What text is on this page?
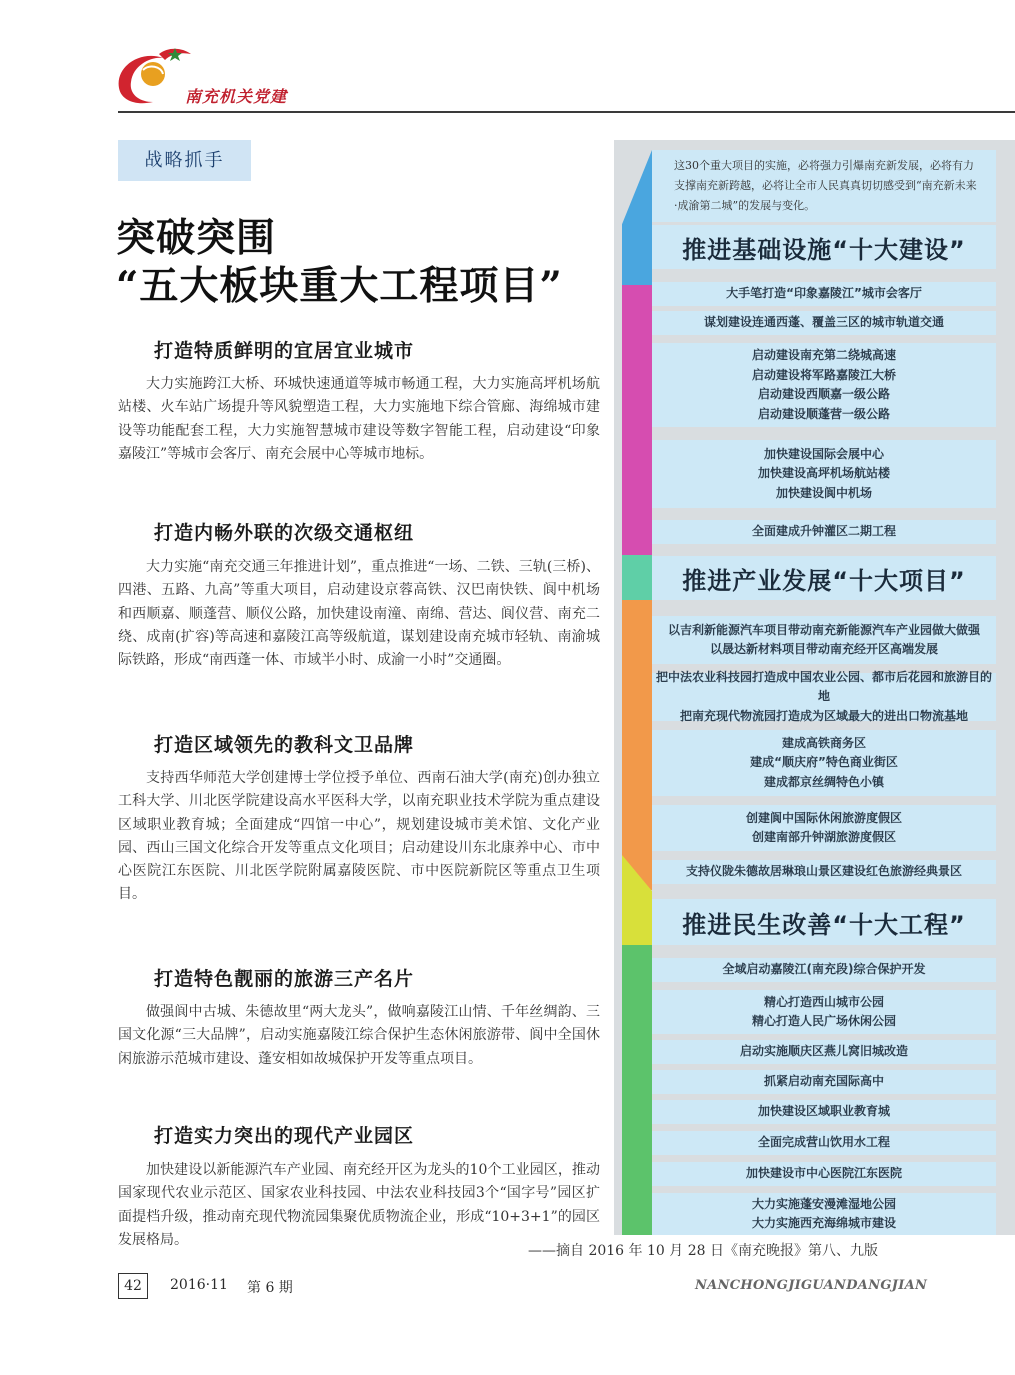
南充机关党建
战略抓手
突破突围
“五大板块重大工程项目”
打造特质鲜明的宜居宜业城市

大力实施跨江大桥、环城快速通道等城市畅通工程，大力实施高坪机场航站楼、火车站广场提升等风貌塑造工程，大力实施地下综合管廊、海绵城市建设等功能配套工程，大力实施智慧城市建设等数字智能工程，启动建设“印象嘉陵江”等城市会客厅、南充会展中心等城市地标。

打造内畅外联的次级交通枢纽

大力实施“南充交通三年推进计划”，重点推进“一场、二铁、三轨(三桥)、四港、五路、九高”等重大项目，启动建设京蓉高铁、汉巴南快铁、阆中机场和西顺嘉、顺蓬营、顺仪公路，加快建设南潼、南绵、营达、阆仪营、南充二绕、成南(扩容)等高速和嘉陵江高等级航道，谋划建设南充城市轻轨、南渝城际铁路，形成“南西蓬一体、市域半小时、成渝一小时”交通圈。

打造区域领先的教科文卫品牌

支持西华师范大学创建博士学位授予单位、西南石油大学(南充)创办独立工科大学、川北医学院建设高水平医科大学，以南充职业技术学院为重点建设区域职业教育城；全面建成“四馆一中心”，规划建设城市美术馆、文化产业园、西山三国文化综合开发等重点文化项目；启动建设川东北康养中心、市中心医院江东医院、川北医学院附属嘉陵医院、市中医院新院区等重点卫生项目。

打造特色靓丽的旅游三产名片

做强阆中古城、朱德故里“两大龙头”，做响嘉陵江山情、千年丝绸韵、三国文化源“三大品牌”，启动实施嘉陵江综合保护生态休闲旅游带、阆中全国休闲旅游示范城市建设、蓬安相如故城保护开发等重点项目。

打造实力突出的现代产业园区

加快建设以新能源汽车产业园、南充经开区为龙头的10个工业园区，推动国家现代农业示范区、国家农业科技园、中法农业科技园3个“国字号”园区扩面提档升级，推动南充现代物流园集聚优质物流企业，形成“10+3+1”的园区发展格局。

——摘自 2016 年 10 月 28 日《南充晚报》第八、九版
42	2016·11 第 6 期	NANCHONGJIGUANDANGJIAN
这30个重大项目的实施，必将强力引爆南充新发展，必将有力支撑南充新跨越，必将让全市人民真真切切感受到“南充新未来·成渝第二城”的发展与变化。
推进基础设施“十大建设”
大手笔打造“印象嘉陵江”城市会客厅
谋划建设连通西蓬、覆盖三区的城市轨道交通
启动建设南充第二绕城高速
启动建设将军路嘉陵江大桥
启动建设西顺嘉一级公路
启动建设顺蓬营一级公路
加快建设国际会展中心
加快建设高坪机场航站楼
加快建设阆中机场
全面建成升钟灌区二期工程
推进产业发展“十大项目”
以吉利新能源汽车项目带动南充新能源汽车产业园做大做强
以晟达新材料项目带动南充经开区高端发展
把中法农业科技园打造成中国农业公园、都市后花园和旅游目的地
把南充现代物流园打造成为区域最大的进出口物流基地
建成高铁商务区
建成“顺庆府”特色商业街区
建成都京丝绸特色小镇
创建阆中国际休闲旅游度假区
创建南部升钟湖旅游度假区
支持仪陇朱德故居琳琅山景区建设红色旅游经典景区
推进民生改善“十大工程”
全域启动嘉陵江(南充段)综合保护开发
精心打造西山城市公园
精心打造人民广场休闲公园
启动实施顺庆区燕儿窝旧城改造
抓紧启动南充国际高中
加快建设区域职业教育城
全面完成营山饮用水工程
加快建设市中心医院江东医院
大力实施蓬安漫滩湿地公园
大力实施西充海绵城市建设
